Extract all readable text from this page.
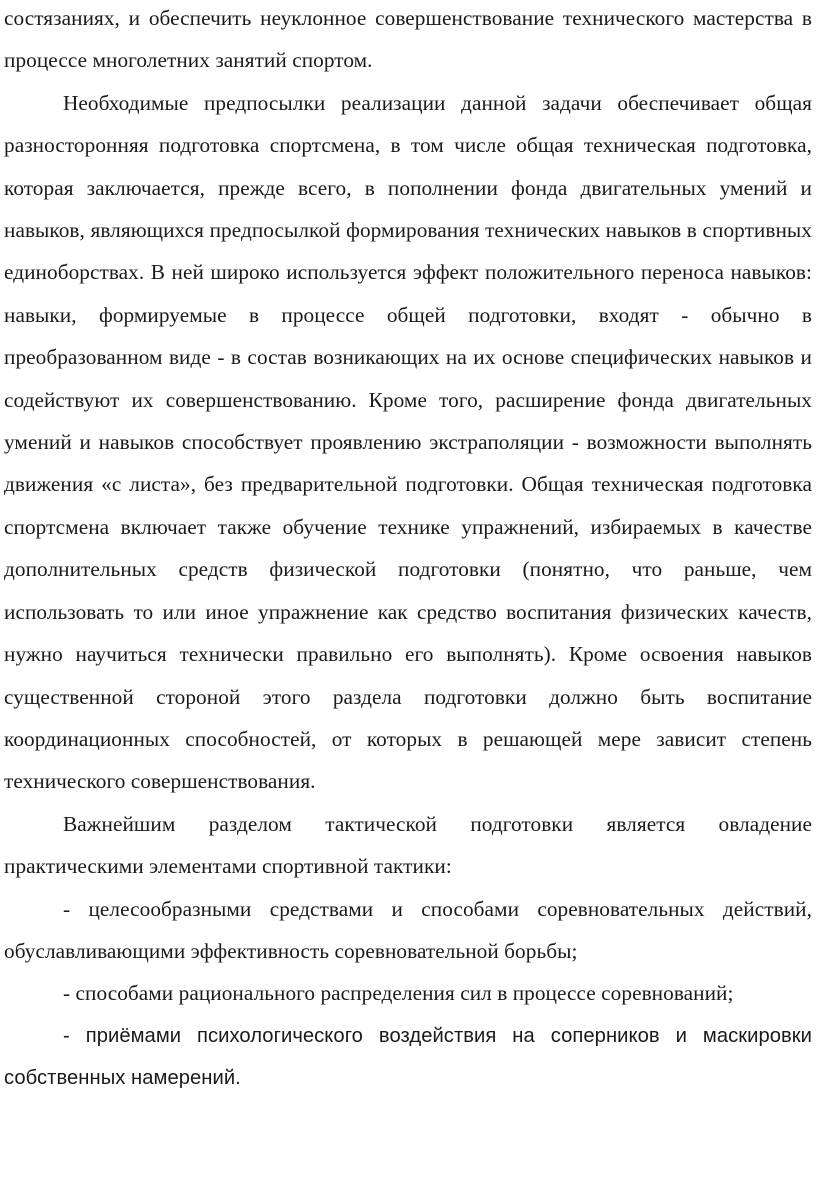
состязаниях, и обеспечить неуклонное совершенствование технического мастерства в процессе многолетних занятий спортом.

Необходимые предпосылки реализации данной задачи обеспечивает общая разносторонняя подготовка спортсмена, в том числе общая техническая подготовка, которая заключается, прежде всего, в пополнении фонда двигательных умений и навыков, являющихся предпосылкой формирования технических навыков в спортивных единоборствах. В ней широко используется эффект положительного переноса навыков: навыки, формируемые в процессе общей подготовки, входят - обычно в преобразованном виде - в состав возникающих на их основе специфических навыков и содействуют их совершенствованию. Кроме того, расширение фонда двигательных умений и навыков способствует проявлению экстраполяции - возможности выполнять движения «с листа», без предварительной подготовки. Общая техническая подготовка спортсмена включает также обучение технике упражнений, избираемых в качестве дополнительных средств физической подготовки (понятно, что раньше, чем использовать то или иное упражнение как средство воспитания физических качеств, нужно научиться технически правильно его выполнять). Кроме освоения навыков существенной стороной этого раздела подготовки должно быть воспитание координационных способностей, от которых в решающей мере зависит степень технического совершенствования.

Важнейшим разделом тактической подготовки является овладение практическими элементами спортивной тактики:

- целесообразными средствами и способами соревновательных действий, обуславливающими эффективность соревновательной борьбы;

- способами рационального распределения сил в процессе соревнований;

- приёмами психологического воздействия на соперников и маскировки собственных намерений.
